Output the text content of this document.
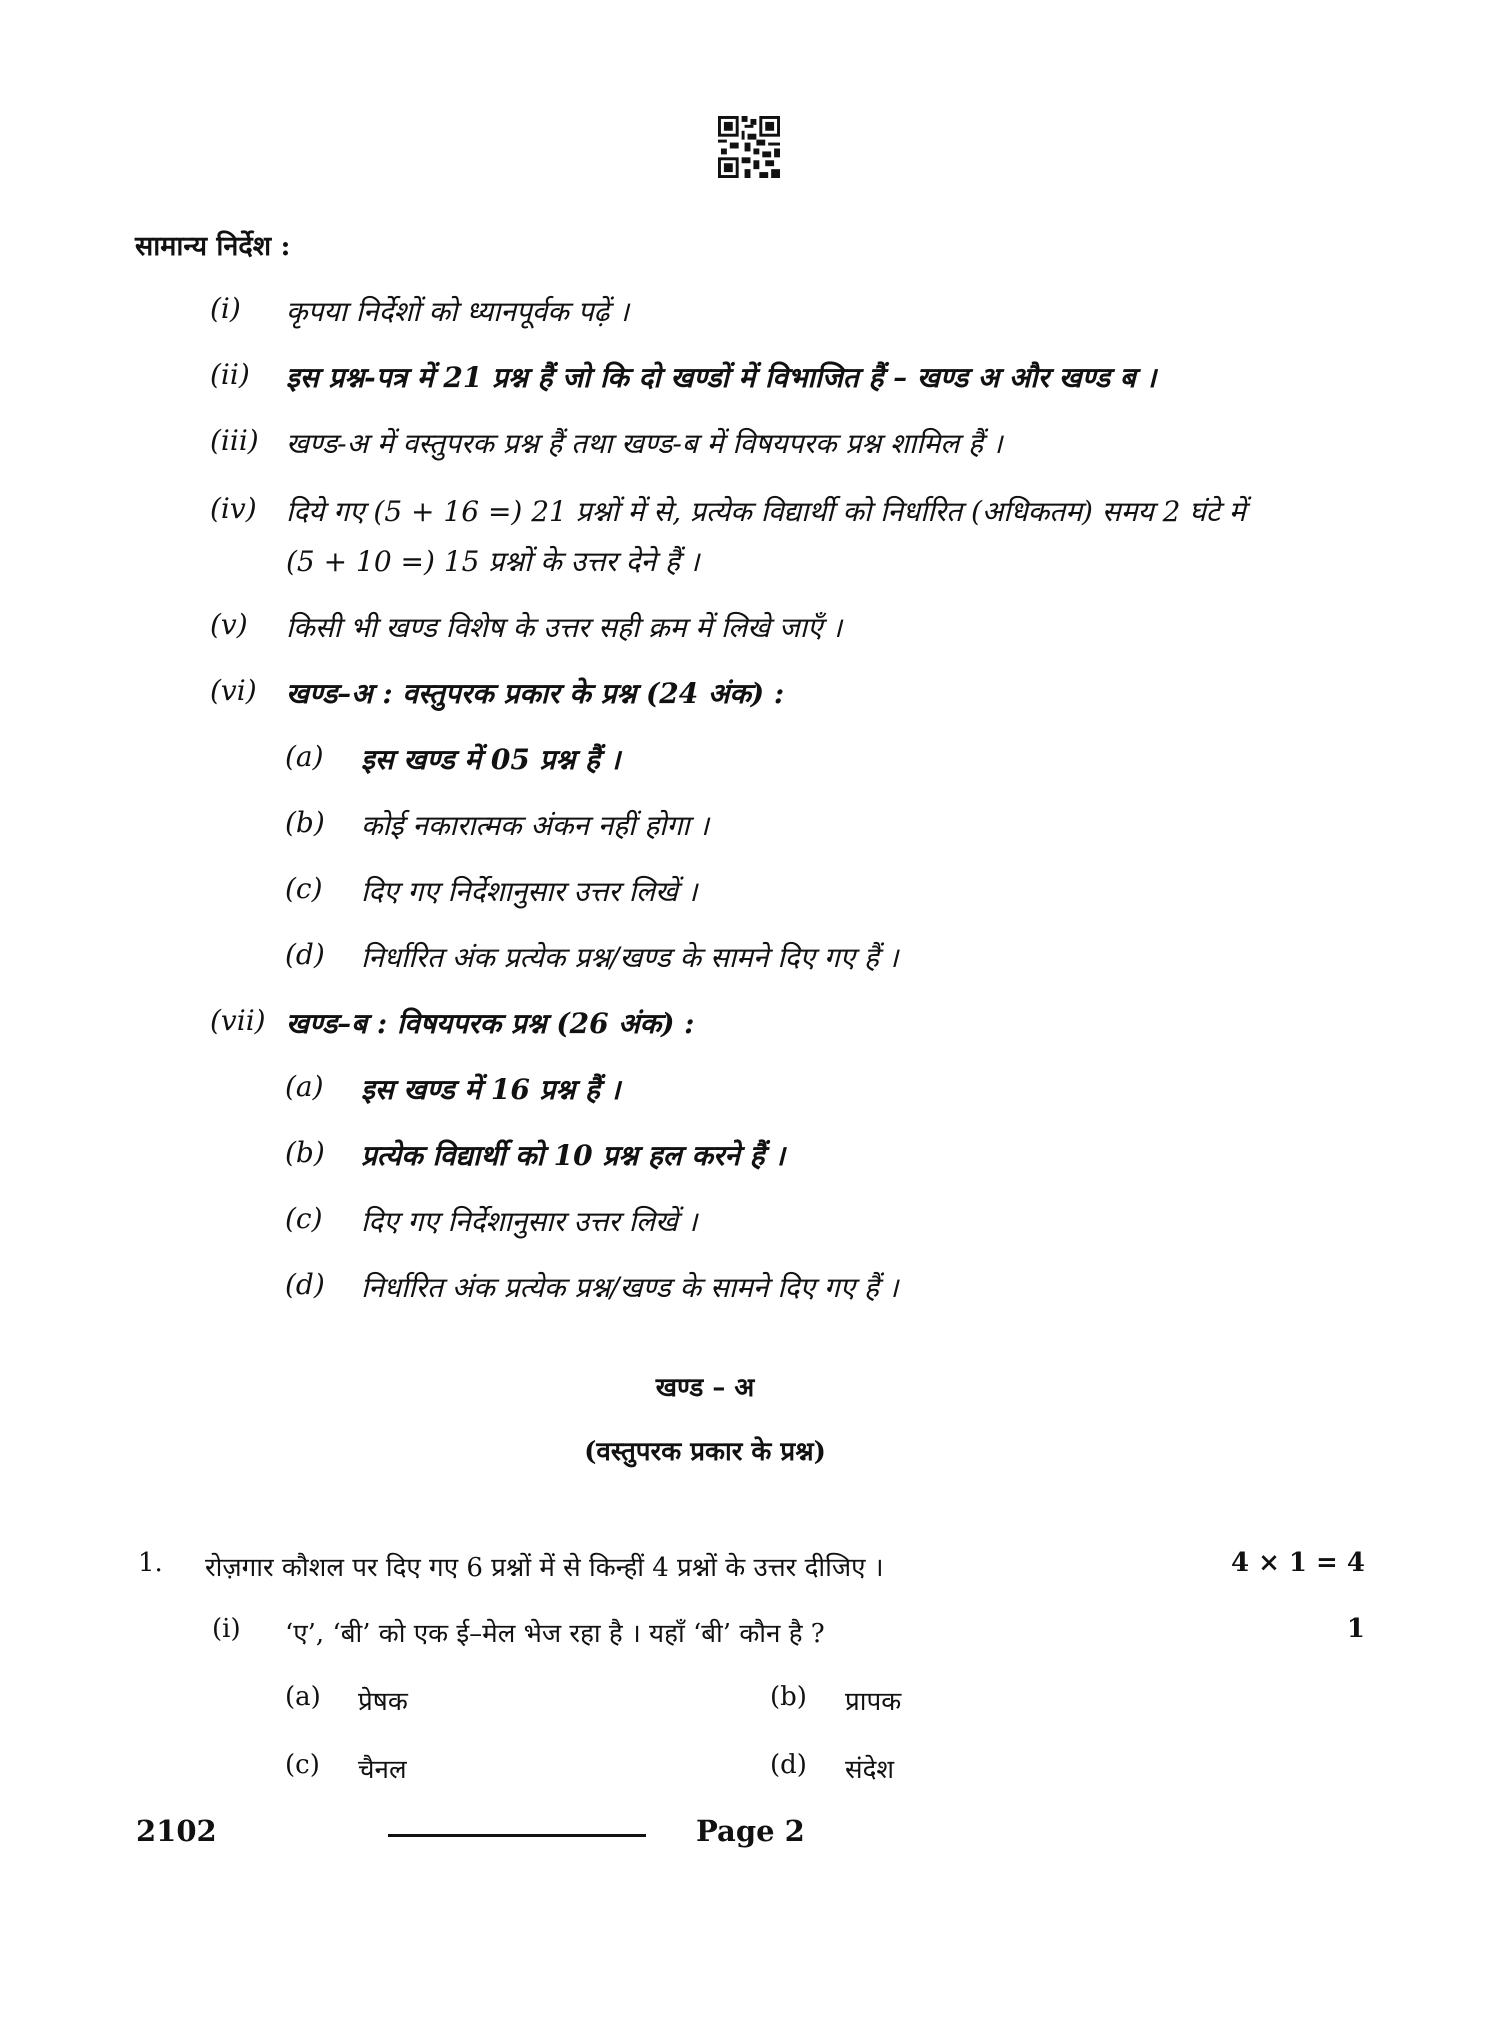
सामान्य निर्देश :
(i) कृपया निर्देशों को ध्यानपूर्वक पढ़ें ।
(ii) इस प्रश्न-पत्र में 21 प्रश्न हैं जो कि दो खण्डों में विभाजित हैं – खण्ड अ और खण्ड ब ।
(iii) खण्ड-अ में वस्तुपरक प्रश्न हैं तथा खण्ड-ब में विषयपरक प्रश्न शामिल हैं ।
(iv) दिये गए (5 + 16 =) 21 प्रश्नों में से, प्रत्येक विद्यार्थी को निर्धारित (अधिकतम) समय 2 घंटे में
(5 + 10 =) 15 प्रश्नों के उत्तर देने हैं ।
(v) किसी भी खण्ड विशेष के उत्तर सही क्रम में लिखे जाएँ ।
(vi) खण्ड–अ : वस्तुपरक प्रकार के प्रश्न (24 अंक) :
(a) इस खण्ड में 05 प्रश्न हैं ।
(b) कोई नकारात्मक अंकन नहीं होगा ।
(c) दिए गए निर्देशानुसार उत्तर लिखें ।
(d) निर्धारित अंक प्रत्येक प्रश्न/खण्ड के सामने दिए गए हैं ।
(vii) खण्ड–ब : विषयपरक प्रश्न (26 अंक) :
(a) इस खण्ड में 16 प्रश्न हैं ।
(b) प्रत्येक विद्यार्थी को 10 प्रश्न हल करने हैं ।
(c) दिए गए निर्देशानुसार उत्तर लिखें ।
(d) निर्धारित अंक प्रत्येक प्रश्न/खण्ड के सामने दिए गए हैं ।
खण्ड – अ
(वस्तुपरक प्रकार के प्रश्न)
1. रोज़गार कौशल पर दिए गए 6 प्रश्नों में से किन्हीं 4 प्रश्नों के उत्तर दीजिए ।	4 × 1 = 4
(i) ‘ए’, ‘बी’ को एक ई–मेल भेज रहा है । यहाँ ‘बी’ कौन है ?	1
(a) प्रेषक	(b) प्रापक
(c) चैनल	(d) संदेश
2102	Page 2
